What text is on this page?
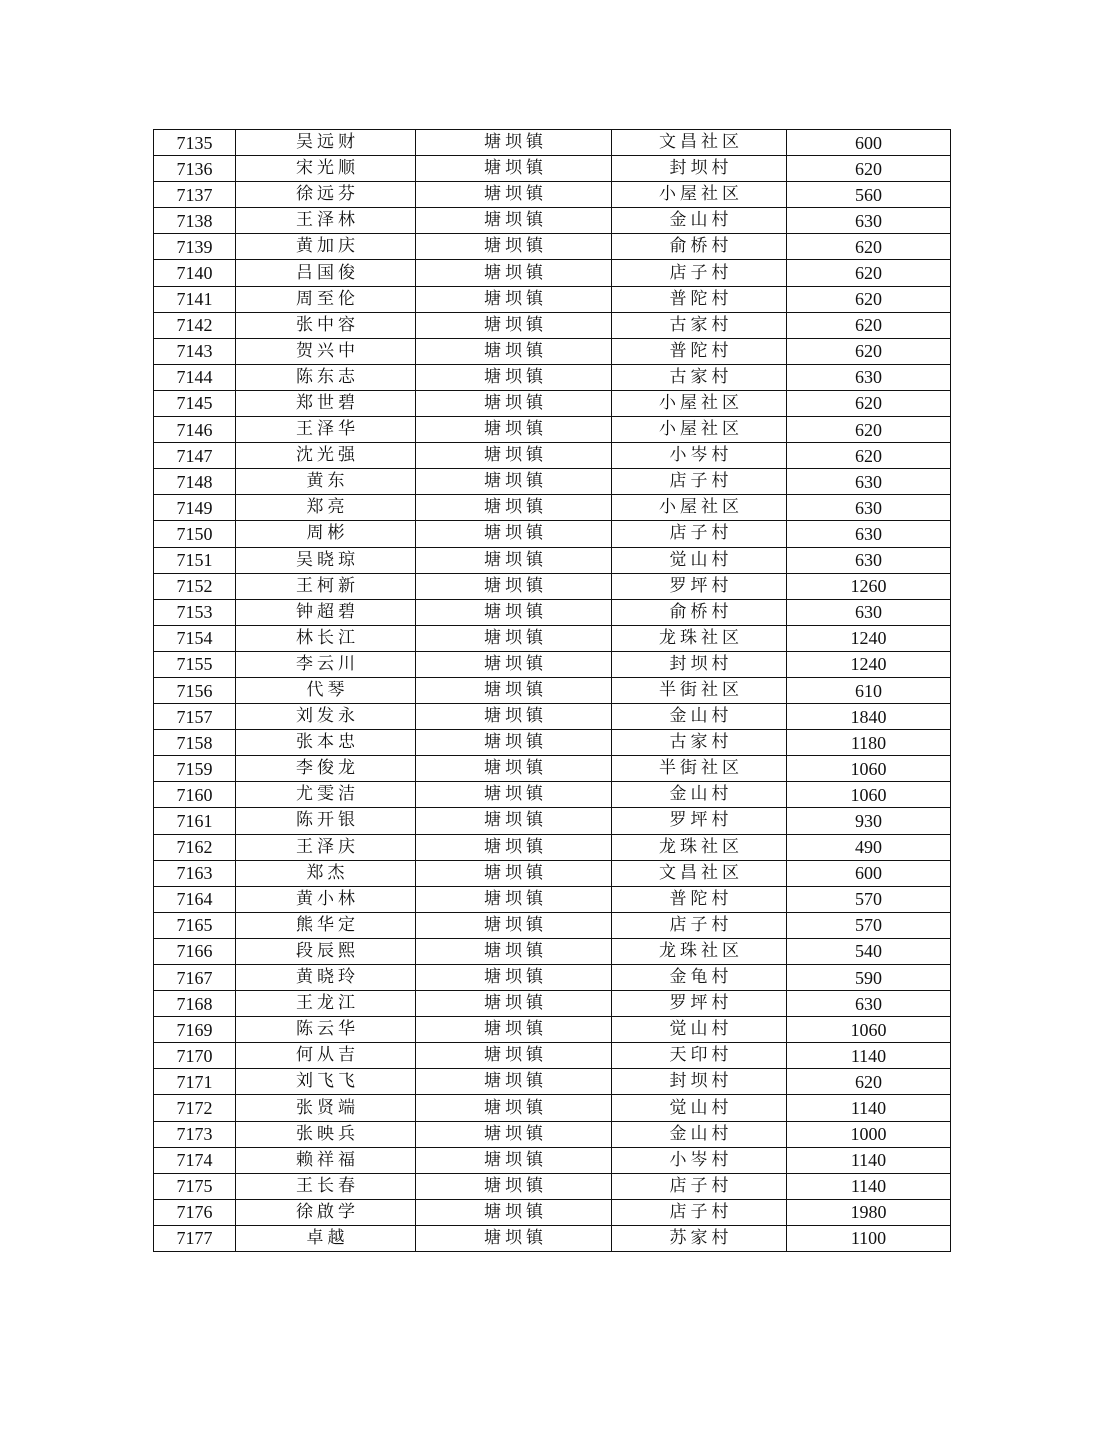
7135	吴远财	塘坝镇	文昌社区	600
7136	宋光顺	塘坝镇	封坝村	620
7137	徐远芬	塘坝镇	小屋社区	560
7138	王泽林	塘坝镇	金山村	630
7139	黄加庆	塘坝镇	俞桥村	620
7140	吕国俊	塘坝镇	店子村	620
7141	周至伦	塘坝镇	普陀村	620
7142	张中容	塘坝镇	古家村	620
7143	贺兴中	塘坝镇	普陀村	620
7144	陈东志	塘坝镇	古家村	630
7145	郑世碧	塘坝镇	小屋社区	620
7146	王泽华	塘坝镇	小屋社区	620
7147	沈光强	塘坝镇	小岑村	620
7148	黄东	塘坝镇	店子村	630
7149	郑亮	塘坝镇	小屋社区	630
7150	周彬	塘坝镇	店子村	630
7151	吴晓琼	塘坝镇	觉山村	630
7152	王柯新	塘坝镇	罗坪村	1260
7153	钟超碧	塘坝镇	俞桥村	630
7154	林长江	塘坝镇	龙珠社区	1240
7155	李云川	塘坝镇	封坝村	1240
7156	代琴	塘坝镇	半街社区	610
7157	刘发永	塘坝镇	金山村	1840
7158	张本忠	塘坝镇	古家村	1180
7159	李俊龙	塘坝镇	半街社区	1060
7160	尤雯洁	塘坝镇	金山村	1060
7161	陈开银	塘坝镇	罗坪村	930
7162	王泽庆	塘坝镇	龙珠社区	490
7163	郑杰	塘坝镇	文昌社区	600
7164	黄小林	塘坝镇	普陀村	570
7165	熊华定	塘坝镇	店子村	570
7166	段辰熙	塘坝镇	龙珠社区	540
7167	黄晓玲	塘坝镇	金龟村	590
7168	王龙江	塘坝镇	罗坪村	630
7169	陈云华	塘坝镇	觉山村	1060
7170	何从吉	塘坝镇	天印村	1140
7171	刘飞飞	塘坝镇	封坝村	620
7172	张贤端	塘坝镇	觉山村	1140
7173	张映兵	塘坝镇	金山村	1000
7174	赖祥福	塘坝镇	小岑村	1140
7175	王长春	塘坝镇	店子村	1140
7176	徐啟学	塘坝镇	店子村	1980
7177	卓越	塘坝镇	苏家村	1100
